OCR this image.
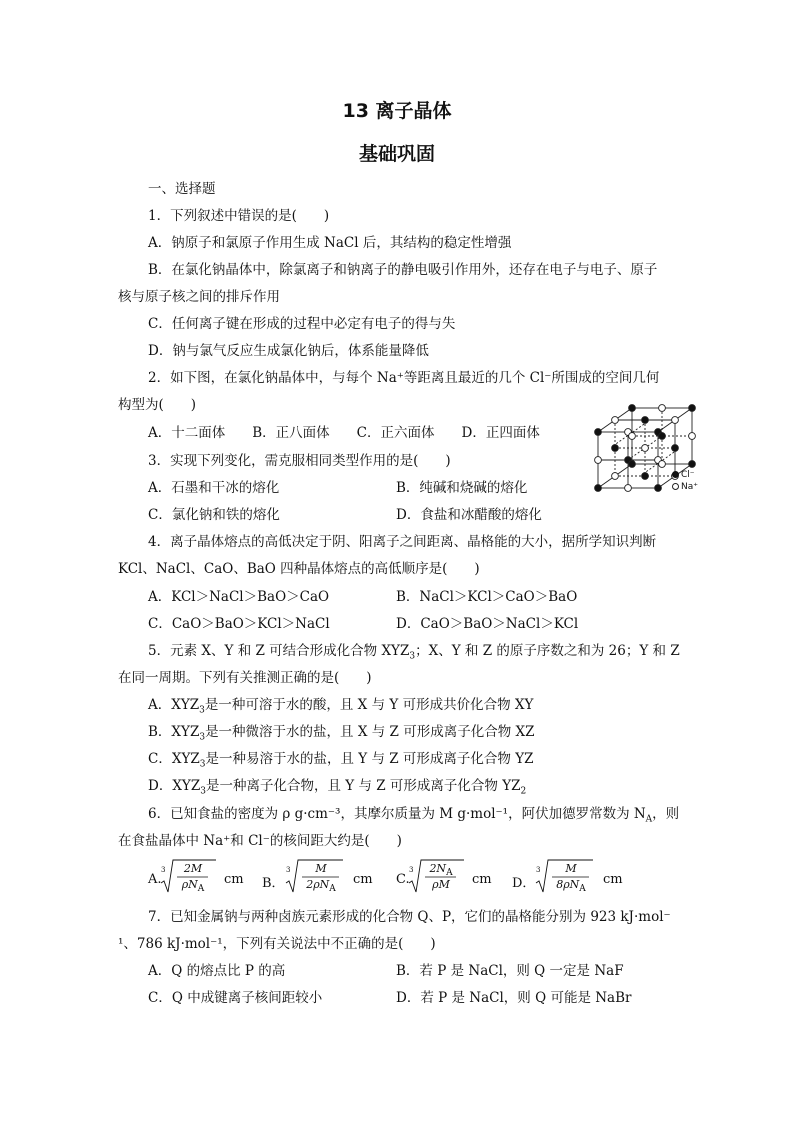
13 离子晶体
基础巩固
一、选择题
1．下列叙述中错误的是(　　)
A．钠原子和氯原子作用生成 NaCl 后，其结构的稳定性增强
B．在氯化钠晶体中，除氯离子和钠离子的静电吸引作用外，还存在电子与电子、原子
核与原子核之间的排斥作用
C．任何离子键在形成的过程中必定有电子的得与失
D．钠与氯气反应生成氯化钠后，体系能量降低
2．如下图，在氯化钠晶体中，与每个 Na⁺等距离且最近的几个 Cl⁻所围成的空间几何
构型为(　　)
A．十二面体　　B．正八面体　　C．正六面体　　D．正四面体
Cl⁻
Na⁺
3．实现下列变化，需克服相同类型作用的是(　　)
A．石墨和干冰的熔化	B．纯碱和烧碱的熔化
C．氯化钠和铁的熔化	D．食盐和冰醋酸的熔化
4．离子晶体熔点的高低决定于阴、阳离子之间距离、晶格能的大小，据所学知识判断
KCl、NaCl、CaO、BaO 四种晶体熔点的高低顺序是(　　)
A．KCl＞NaCl＞BaO＞CaO	B．NaCl＞KCl＞CaO＞BaO
C．CaO＞BaO＞KCl＞NaCl	D．CaO＞BaO＞NaCl＞KCl
5．元素 X、Y 和 Z 可结合形成化合物 $XYZ_3$；X、Y 和 Z 的原子序数之和为 26；Y 和 Z
在同一周期。下列有关推测正确的是(　　)
A．$XYZ_3$是一种可溶于水的酸，且 X 与 Y 可形成共价化合物 XY
B．$XYZ_3$是一种微溶于水的盐，且 X 与 Z 可形成离子化合物 XZ
C．$XYZ_3$是一种易溶于水的盐，且 Y 与 Z 可形成离子化合物 YZ
D．$XYZ_3$是一种离子化合物，且 Y 与 Z 可形成离子化合物 $YZ_2$
6．已知食盐的密度为 ρ g·cm⁻³，其摩尔质量为 M g·mol⁻¹，阿伏加德罗常数为 $N_A$，则
在食盐晶体中 Na⁺和 Cl⁻的核间距大约是(　　)
A.
3	2M
$\rho N_A$
cm B．
3	M
$2\rho N_A$
cm C.
3	$2N_A$
ρM	cm D．
3	M
$8\rho N_A$
cm
7．已知金属钠与两种卤族元素形成的化合物 Q、P，它们的晶格能分别为 923 kJ·mol⁻
¹、786 kJ·mol⁻¹，下列有关说法中不正确的是(　　)
A．Q 的熔点比 P 的高	B．若 P 是 NaCl，则 Q 一定是 NaF
C．Q 中成键离子核间距较小	D．若 P 是 NaCl，则 Q 可能是 NaBr
